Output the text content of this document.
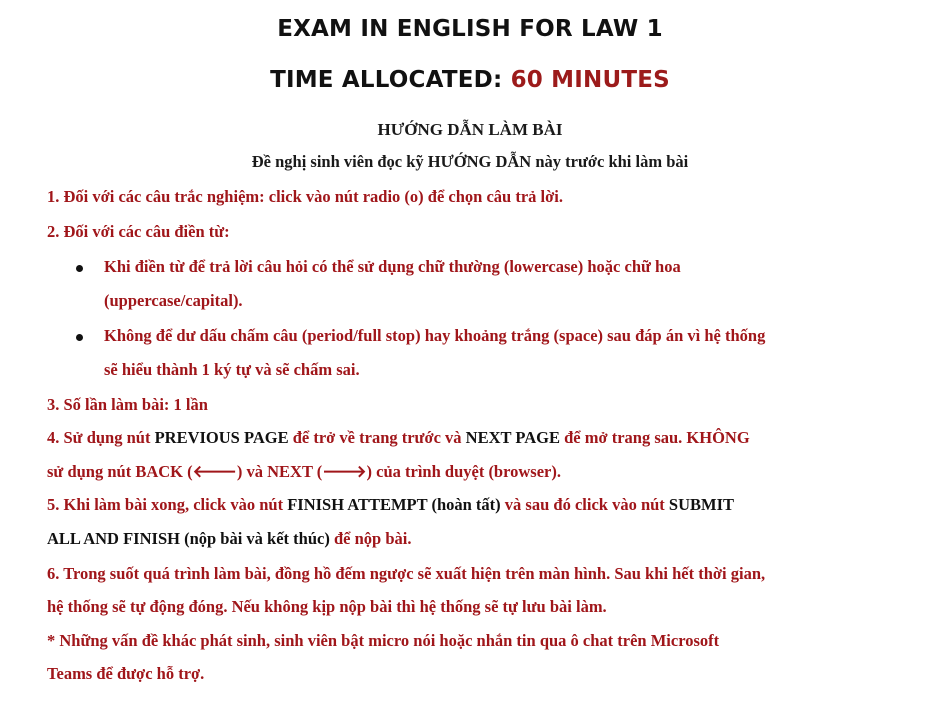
EXAM IN ENGLISH FOR LAW 1
TIME ALLOCATED: 60 MINUTES
HƯỚNG DẪN LÀM BÀI
Đề nghị sinh viên đọc kỹ HƯỚNG DẪN này trước khi làm bài
1. Đối với các câu trắc nghiệm: click vào nút radio (o) để chọn câu trả lời.
2. Đối với các câu điền từ:
Khi điền từ để trả lời câu hỏi có thể sử dụng chữ thường (lowercase) hoặc chữ hoa
(uppercase/capital).
Không để dư dấu chấm câu (period/full stop) hay khoảng trắng (space) sau đáp án vì hệ thống
sẽ hiểu thành 1 ký tự và sẽ chấm sai.
3. Số lần làm bài: 1 lần
4. Sử dụng nút PREVIOUS PAGE để trở về trang trước và NEXT PAGE để mở trang sau. KHÔNG
sử dụng nút BACK (🡐) và NEXT (🡒) của trình duyệt (browser).
5. Khi làm bài xong, click vào nút FINISH ATTEMPT (hoàn tất) và sau đó click vào nút SUBMIT
ALL AND FINISH (nộp bài và kết thúc) để nộp bài.
6. Trong suốt quá trình làm bài, đồng hồ đếm ngược sẽ xuất hiện trên màn hình. Sau khi hết thời gian,
hệ thống sẽ tự động đóng. Nếu không kịp nộp bài thì hệ thống sẽ tự lưu bài làm.
* Những vấn đề khác phát sinh, sinh viên bật micro nói hoặc nhắn tin qua ô chat trên Microsoft
Teams để được hỗ trợ.
